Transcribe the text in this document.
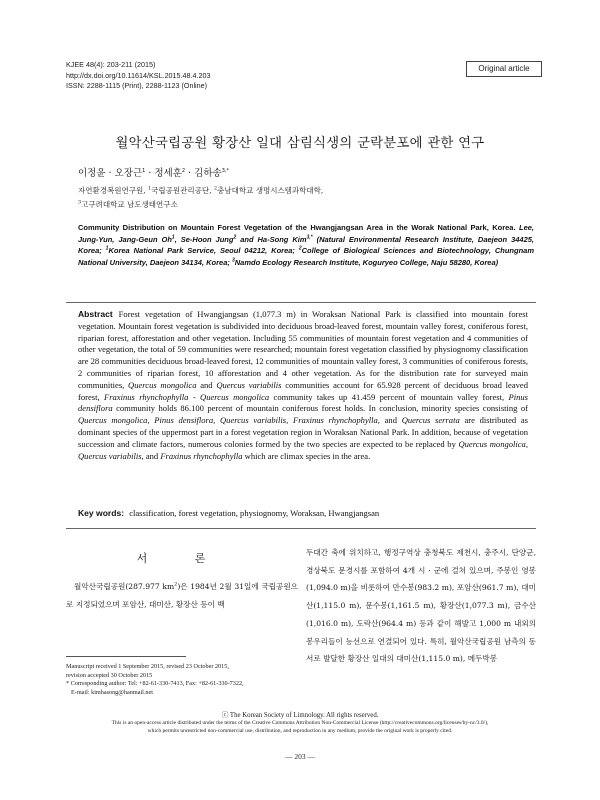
KJEE 48(4): 203-211 (2015)
http://dx.doi.org/10.11614/KSL.2015.48.4.203
ISSN: 2288-1115 (Print), 2288-1123 (Online)
Original article
월악산국립공원 황장산 일대 삼림식생의 군락분포에 관한 연구
이정윤 · 오장근$^1$ · 정세훈$^2$ · 김하송$^{3,*}$
자연환경복원연구원, $^1$국립공원관리공단, $^2$충남대학교 생명시스템과학대학,
$^3$고구려대학교 남도생태연구소
Community Distribution on Mountain Forest Vegetation of the Hwangjangsan Area in the Worak National Park, Korea. Lee, Jung-Yun, Jang-Geun Oh$^1$, Se-Hoon Jung$^2$ and Ha-Song Kim$^{3,*}$ (Natural Environmental Research Institute, Daejeon 34425, Korea; $^1$Korea National Park Service, Seoul 04212, Korea; $^2$College of Biological Sciences and Biotechnology, Chungnam National University, Daejeon 34134, Korea; $^3$Namdo Ecology Research Institute, Koguryeo College, Naju 58280, Korea)
Abstract Forest vegetation of Hwangjangsan (1,077.3 m) in Woraksan National Park is classified into mountain forest vegetation. Mountain forest vegetation is subdivided into deciduous broad-leaved forest, mountain valley forest, coniferous forest, riparian forest, afforestation and other vegetation. Including 55 communities of mountain forest vegetation and 4 communities of other vegetation, the total of 59 communities were researched; mountain forest vegetation classified by physiognomy classification are 28 communities deciduous broad-leaved forest, 12 communities of mountain valley forest, 3 communities of coniferous forests, 2 communities of riparian forest, 10 afforestation and 4 other vegetation. As for the distribution rate for surveyed main communities, Quercus mongolica and Quercus variabilis communities account for 65.928 percent of deciduous broad leaved forest, Fraxinus rhynchophylla - Quercus mongolica community takes up 41.459 percent of mountain valley forest, Pinus densiflora community holds 86.100 percent of mountain coniferous forest holds. In conclusion, minority species consisting of Quercus mongolica, Pinus densiflora, Quercus variabilis, Fraxinus rhynchophylla, and Quercus serrata are distributed as dominant species of the uppermost part in a forest vegetation region in Woraksan National Park. In addition, because of vegetation succession and climate factors, numerous colonies formed by the two species are expected to be replaced by Quercus mongolica, Quercus variabilis, and Fraxinus rhynchophylla which are climax species in the area.
Key words: classification, forest vegetation, physiognomy, Woraksan, Hwangjangsan
서 론
월악산국립공원(287.977 $km^2$)은 1984년 2월 31일에 국립공원으로 지정되었으며 포암산, 대미산, 황장산 등이 백
두대간 축에 위치하고, 행정구역상 충청북도 제천시, 충주시, 단양군, 경상북도 문경시를 포함하여 4개 시 · 군에 걸쳐 있으며, 주봉인 영봉(1,094.0 m)을 비롯하여 만수봉(983.2 m), 포암산(961.7 m), 대미산(1,115.0 m), 문수봉(1,161.5 m), 황장산(1,077.3 m), 금수산(1,016.0 m), 도락산(964.4 m) 등과 같이 해발고 1,000 m 내외의 봉우리들이 능선으로 연결되어 있다. 특히, 월악산국립공원 남측의 동서로 발달한 황장산 일대의 대미산(1,115.0 m), 메두박봉
Manuscript received 1 September 2015, revised 23 October 2015,
revision accepted 30 October 2015
* Corresponding author: Tel: +82-61-330-7413, Fax: +82-61-330-7322,
E-mail: kimhasong@hanmail.net
ⓒ The Korean Society of Limnology. All rights reserved.
This is an open-access article distributed under the terms of the Creative Commons Attribution Non-Commercial License (http://creativecommons.org/licenses/by-nc/3.0/),
which permits unrestricted non-commercial use, distribution, and reproduction in any medium, provide the original work is properly cited.
— 203 —
